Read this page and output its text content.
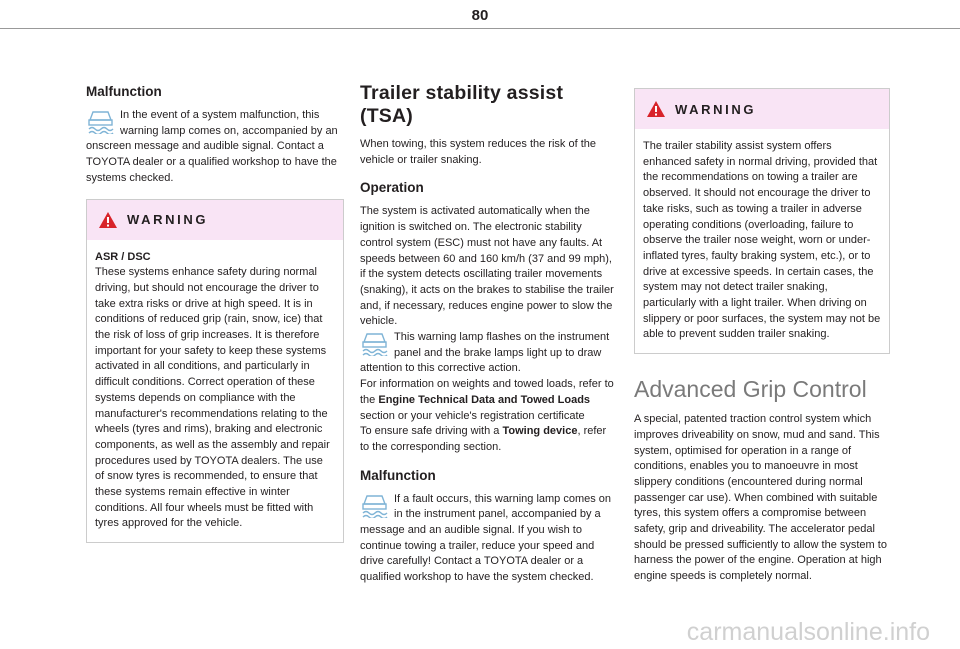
80
Malfunction

In the event of a system malfunction, this warning lamp comes on, accompanied by an onscreen message and audible signal. Contact a TOYOTA dealer or a qualified workshop to have the systems checked.

WARNING

ASR / DSC

These systems enhance safety during normal driving, but should not encourage the driver to take extra risks or drive at high speed. It is in conditions of reduced grip (rain, snow, ice) that the risk of loss of grip increases. It is therefore important for your safety to keep these systems activated in all conditions, and particularly in difficult conditions. Correct operation of these systems depends on compliance with the manufacturer's recommendations relating to the wheels (tyres and rims), braking and electronic components, as well as the assembly and repair procedures used by TOYOTA dealers. The use of snow tyres is recommended, to ensure that these systems remain effective in winter conditions. All four wheels must be fitted with tyres approved for the vehicle.

Trailer stability assist (TSA)

When towing, this system reduces the risk of the vehicle or trailer snaking.

Operation

The system is activated automatically when the ignition is switched on. The electronic stability control system (ESC) must not have any faults. At speeds between 60 and 160 km/h (37 and 99 mph), if the system detects oscillating trailer movements (snaking), it acts on the brakes to stabilise the trailer and, if necessary, reduces engine power to slow the vehicle.

This warning lamp flashes on the instrument panel and the brake lamps light up to draw attention to this corrective action.

For information on weights and towed loads, refer to the Engine Technical Data and Towed Loads section or your vehicle's registration certificate

To ensure safe driving with a Towing device, refer to the corresponding section.

Malfunction

If a fault occurs, this warning lamp comes on in the instrument panel, accompanied by a message and an audible signal. If you wish to continue towing a trailer, reduce your speed and drive carefully! Contact a TOYOTA dealer or a qualified workshop to have the system checked.

WARNING

The trailer stability assist system offers enhanced safety in normal driving, provided that the recommendations on towing a trailer are observed. It should not encourage the driver to take risks, such as towing a trailer in adverse operating conditions (overloading, failure to observe the trailer nose weight, worn or under-inflated tyres, faulty braking system, etc.), or to drive at excessive speeds. In certain cases, the system may not detect trailer snaking, particularly with a light trailer. When driving on slippery or poor surfaces, the system may not be able to prevent sudden trailer snaking.

Advanced Grip Control

A special, patented traction control system which improves driveability on snow, mud and sand. This system, optimised for operation in a range of conditions, enables you to manoeuvre in most slippery conditions (encountered during normal passenger car use). When combined with suitable tyres, this system offers a compromise between safety, grip and driveability. The accelerator pedal should be pressed sufficiently to allow the system to harness the power of the engine. Operation at high engine speeds is completely normal.

carmanualsonline.info
